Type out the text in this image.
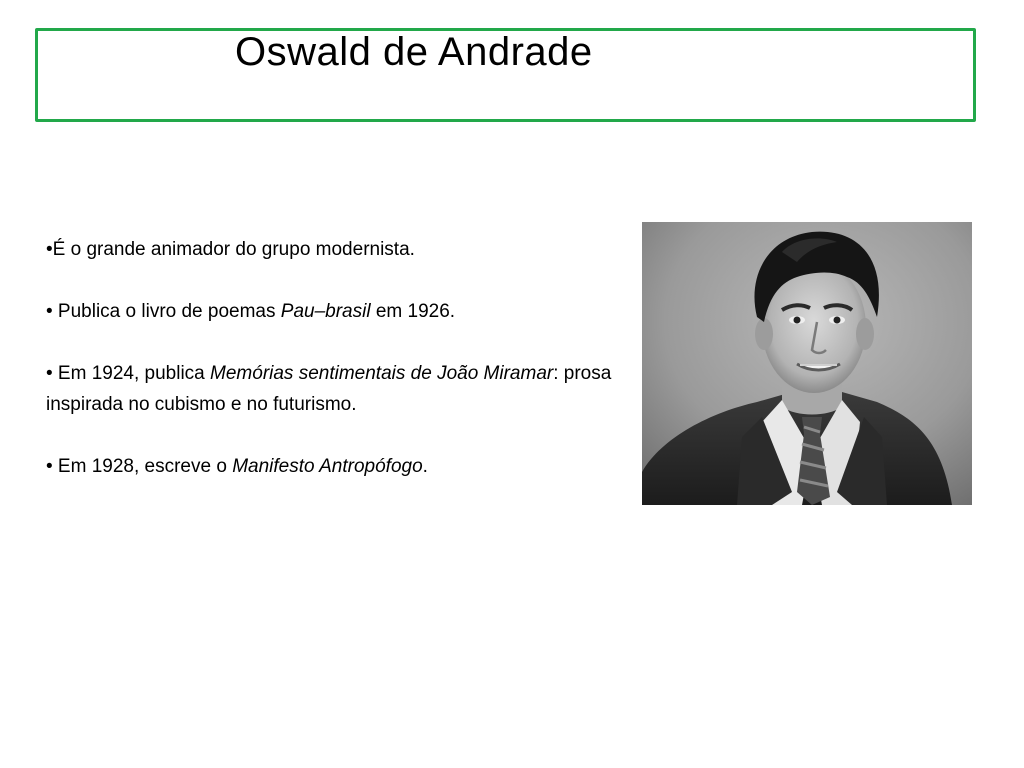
Oswald de Andrade

•É o grande animador do grupo modernista.

• Publica o livro de poemas Pau–brasil em 1926.

• Em 1924, publica Memórias sentimentais de João Miramar: prosa inspirada no cubismo e no futurismo.

• Em 1928, escreve o Manifesto Antropófogo.
